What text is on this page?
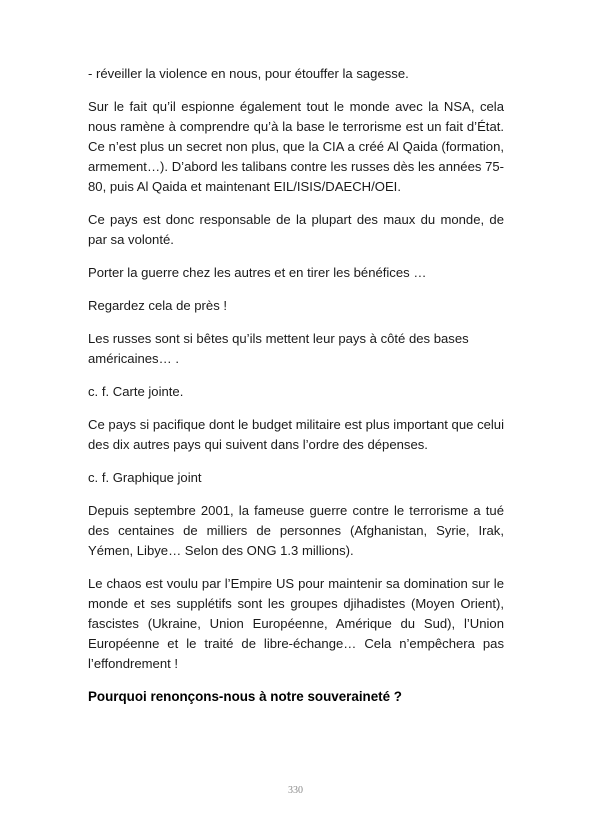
- réveiller la violence en nous, pour étouffer la sagesse.

Sur le fait qu’il espionne également tout le monde avec la NSA, cela nous ramène à comprendre qu’à la base le terrorisme est un fait d’État. Ce n’est plus un secret non plus, que la CIA a créé Al Qaida (formation, armement…). D’abord les talibans contre les russes dès les années 75-80, puis Al Qaida et maintenant EIL/ISIS/DAECH/OEI.

Ce pays est donc responsable de la plupart des maux du monde, de par sa volonté.

Porter la guerre chez les autres et en tirer les bénéfices …

Regardez cela de près !

Les russes sont si bêtes qu’ils mettent leur pays à côté des bases américaines… .

c. f. Carte jointe.

Ce pays si pacifique dont le budget militaire est plus important que celui des dix autres pays qui suivent dans l’ordre des dépenses.

c. f. Graphique joint

Depuis septembre 2001, la fameuse guerre contre le terrorisme a tué des centaines de milliers de personnes (Afghanistan, Syrie, Irak, Yémen, Libye… Selon des ONG 1.3 millions).

Le chaos est voulu par l’Empire US pour maintenir sa domination sur le monde et ses supplétifs sont les groupes djihadistes (Moyen Orient), fascistes (Ukraine, Union Européenne, Amérique du Sud), l’Union Européenne et le traité de libre-échange… Cela n’empêchera pas l’effondrement !

Pourquoi renonçons-nous à notre souveraineté ?

330
